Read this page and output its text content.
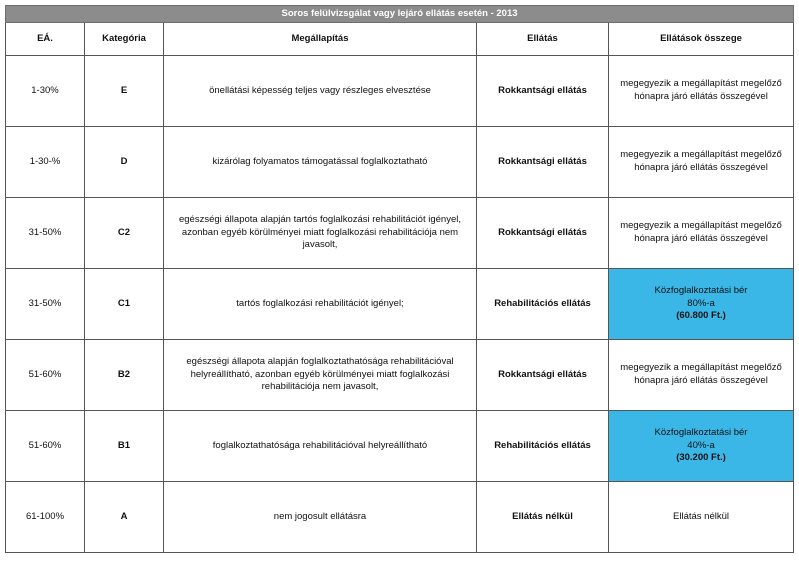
Soros felülvizsgálat vagy lejáró ellátás esetén - 2013				
EÁ.	Kategória	Megállapítás	Ellátás	Ellátások összege
1-30%	E	önellátási képesség teljes vagy részleges elvesztése	Rokkantsági ellátás	megegyezik a megállapítást megelőző
hónapra járó ellátás összegével

1-30-%	D	kizárólag folyamatos támogatással foglalkoztatható	Rokkantsági ellátás	megegyezik a megállapítást megelőző
hónapra járó ellátás összegével

31-50%	C2	egészségi állapota alapján tartós foglalkozási rehabilitációt igényel,
azonban egyéb körülményei miatt foglalkozási rehabilitációja nem
javasolt,	Rokkantsági ellátás	megegyezik a megállapítást megelőző
hónapra járó ellátás összegével

31-50%	C1	tartós foglalkozási rehabilitációt igényel;	Rehabilitációs ellátás	Közfoglalkoztatási bér
80%-a
(60.800 Ft.)

51-60%	B2	egészségi állapota alapján foglalkoztathatósága rehabilitációval
helyreállítható, azonban egyéb körülményei miatt foglalkozási
rehabilitációja nem javasolt,	Rokkantsági ellátás	megegyezik a megállapítást megelőző
hónapra járó ellátás összegével

51-60%	B1	foglalkoztathatósága rehabilitációval helyreállítható	Rehabilitációs ellátás	Közfoglalkoztatási bér
40%-a
(30.200 Ft.)

61-100%	A	nem jogosult ellátásra	Ellátás nélkül	Ellátás nélkül
